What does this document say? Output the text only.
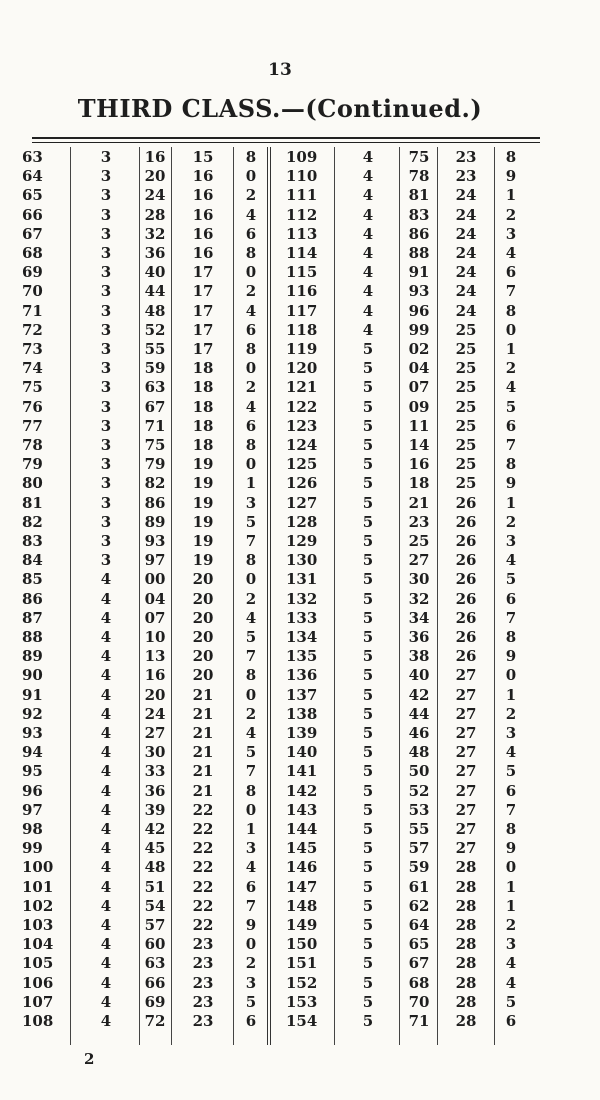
13
THIRD CLASS.—(Continued.)
63	3	16	15	8	109	4	75	23	8
64	3	20	16	0	110	4	78	23	9
65	3	24	16	2	111	4	81	24	1
66	3	28	16	4	112	4	83	24	2
67	3	32	16	6	113	4	86	24	3
68	3	36	16	8	114	4	88	24	4
69	3	40	17	0	115	4	91	24	6
70	3	44	17	2	116	4	93	24	7
71	3	48	17	4	117	4	96	24	8
72	3	52	17	6	118	4	99	25	0
73	3	55	17	8	119	5	02	25	1
74	3	59	18	0	120	5	04	25	2
75	3	63	18	2	121	5	07	25	4
76	3	67	18	4	122	5	09	25	5
77	3	71	18	6	123	5	11	25	6
78	3	75	18	8	124	5	14	25	7
79	3	79	19	0	125	5	16	25	8
80	3	82	19	1	126	5	18	25	9
81	3	86	19	3	127	5	21	26	1
82	3	89	19	5	128	5	23	26	2
83	3	93	19	7	129	5	25	26	3
84	3	97	19	8	130	5	27	26	4
85	4	00	20	0	131	5	30	26	5
86	4	04	20	2	132	5	32	26	6
87	4	07	20	4	133	5	34	26	7
88	4	10	20	5	134	5	36	26	8
89	4	13	20	7	135	5	38	26	9
90	4	16	20	8	136	5	40	27	0
91	4	20	21	0	137	5	42	27	1
92	4	24	21	2	138	5	44	27	2
93	4	27	21	4	139	5	46	27	3
94	4	30	21	5	140	5	48	27	4
95	4	33	21	7	141	5	50	27	5
96	4	36	21	8	142	5	52	27	6
97	4	39	22	0	143	5	53	27	7
98	4	42	22	1	144	5	55	27	8
99	4	45	22	3	145	5	57	27	9
100	4	48	22	4	146	5	59	28	0
101	4	51	22	6	147	5	61	28	1
102	4	54	22	7	148	5	62	28	1
103	4	57	22	9	149	5	64	28	2
104	4	60	23	0	150	5	65	28	3
105	4	63	23	2	151	5	67	28	4
106	4	66	23	3	152	5	68	28	4
107	4	69	23	5	153	5	70	28	5
108	4	72	23	6	154	5	71	28	6
2
